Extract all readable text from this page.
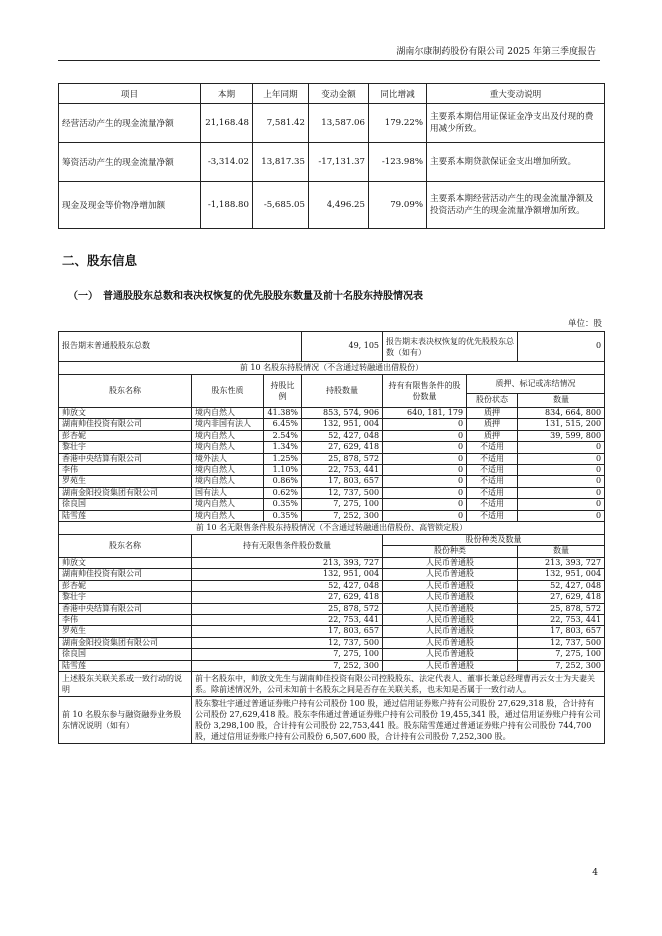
湖南尔康制药股份有限公司 2025 年第三季度报告
项目	本期	上年同期	变动金额	同比增减	重大变动说明
经营活动产生的现金流量净额	21,168.48	7,581.42	13,587.06	179.22%	主要系本期信用证保证金净支出及付现的费用减少所致。
筹资活动产生的现金流量净额	-3,314.02	13,817.35	-17,131.37	-123.98%	主要系本期贷款保证金支出增加所致。
现金及现金等价物净增加额	-1,188.80	-5,685.05	4,496.25	79.09%	主要系本期经营活动产生的现金流量净额及投资活动产生的现金流量净额增加所致。
二、股东信息
（一）　普通股股东总数和表决权恢复的优先股股东数量及前十名股东持股情况表
单位：股
报告期末普通股股东总数			49, 105	报告期末表决权恢复的优先股股东总数（如有）		0
前 10 名股东持股情况（不含通过转融通出借股份）						
股东名称	股东性质	持股比例	持股数量	持有有限售条件的股份数量	质押、标记或冻结情况	
					股份状态	数量
帅放文	境内自然人	41.38%	853, 574, 906	640, 181, 179	质押	834, 664, 800
湖南帅佳投资有限公司	境内非国有法人	6.45%	132, 951, 004	0	质押	131, 515, 200
彭杏妮	境内自然人	2.54%	52, 427, 048	0	质押	39, 599, 800
黎壮宇	境内自然人	1.34%	27, 629, 418	0	不适用	0
香港中央结算有限公司	境外法人	1.25%	25, 878, 572	0	不适用	0
李伟	境内自然人	1.10%	22, 753, 441	0	不适用	0
罗苑生	境内自然人	0.86%	17, 803, 657	0	不适用	0
湖南金阳投资集团有限公司	国有法人	0.62%	12, 737, 500	0	不适用	0
徐良国	境内自然人	0.35%	7, 275, 100	0	不适用	0
陆雪莲	境内自然人	0.35%	7, 252, 300	0	不适用	0
前 10 名无限售条件股东持股情况（不含通过转融通出借股份、高管锁定股）						
股东名称	持有无限售条件股份数量			股份种类及数量		
				股份种类		数量
帅放文	213, 393, 727			人民币普通股		213, 393, 727
湖南帅佳投资有限公司	132, 951, 004			人民币普通股		132, 951, 004
彭杏妮	52, 427, 048			人民币普通股		52, 427, 048
黎壮宇	27, 629, 418			人民币普通股		27, 629, 418
香港中央结算有限公司	25, 878, 572			人民币普通股		25, 878, 572
李伟	22, 753, 441			人民币普通股		22, 753, 441
罗苑生	17, 803, 657			人民币普通股		17, 803, 657
湖南金阳投资集团有限公司	12, 737, 500			人民币普通股		12, 737, 500
徐良国	7, 275, 100			人民币普通股		7, 275, 100
陆雪莲	7, 252, 300			人民币普通股		7, 252, 300
上述股东关联关系或一致行动的说明	前十名股东中，帅放文先生与湖南帅佳投资有限公司控股股东、法定代表人、董事长兼总经理曹再云女士为夫妻关系。除前述情况外，公司未知前十名股东之间是否存在关联关系，也未知是否属于一致行动人。					
前 10 名股东参与融资融券业务股东情况说明（如有）	股东黎壮宇通过普通证券账户持有公司股份 100 股，通过信用证券账户持有公司股份 27,629,318 股，合计持有公司股份 27,629,418 股。股东李伟通过普通证券账户持有公司股份 19,455,341 股，通过信用证券账户持有公司股份 3,298,100 股，合计持有公司股份 22,753,441 股。股东陆雪莲通过普通证券账户持有公司股份 744,700 股，通过信用证券账户持有公司股份 6,507,600 股，合计持有公司股份 7,252,300 股。					
4
